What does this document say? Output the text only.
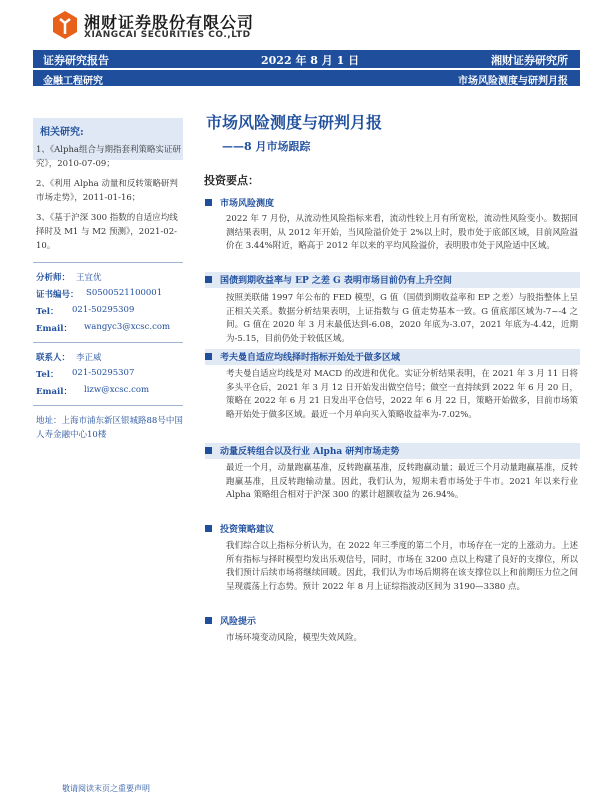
湘财证券股份有限公司
XIANGCAI SECURITIES CO.,LTD
证券研究报告	2022 年 8 月 1 日	湘财证券研究所
金融工程研究	市场风险测度与研判月报
相关研究:
1、《Alpha组合与期指套利策略实证研究》，2010-07-09；
2、《利用 Alpha 动量和反转策略研判市场走势》，2011-01-16；
3、《基于沪深 300 指数的自适应均线择时及 M1 与 M2 预测》，2021-02-10。
分析师： 王宜优
证书编号： S0500521100001
Tel： 021-50295309
Email： wangyc3@xcsc.com
联系人： 李正威
Tel： 021-50295307
Email： lizw@xcsc.com
地址：上海市浦东新区银城路88号中国人寿金融中心10楼
市场风险测度与研判月报
——8 月市场跟踪
投资要点：
市场风险测度
2022 年 7 月份，从流动性风险指标来看，流动性较上月有所宽松，流动性风险变小。数据回测结果表明，从 2012 年开始，当风险溢价处于 2%以上时，股市处于底部区域，目前风险溢价在 3.44%附近，略高于 2012 年以来的平均风险溢价，表明股市处于风险适中区域。
国债到期收益率与 EP 之差 G 表明市场目前仍有上升空间
按照美联储 1997 年公布的 FED 模型，G 值（国债到期收益率和 EP 之差）与股指整体上呈正相关关系。数据分析结果表明，上证指数与 G 值走势基本一致。G 值底部区域为-7~-4 之间。G 值在 2020 年 3 月末最低达到-6.08，2020 年底为-3.07，2021 年底为-4.42，近期为-5.15，目前仍处于较低区域。
考夫曼自适应均线择时指标开始处于做多区域
考夫曼自适应均线是对 MACD 的改进和优化。实证分析结果表明，在 2021 年 3 月 11 日将多头平仓后，2021 年 3 月 12 日开始发出做空信号；做空一直持续到 2022 年 6 月 20 日，策略在 2022 年 6 月 21 日发出平仓信号，2022 年 6 月 22 日，策略开始做多，目前市场策略开始处于做多区域。最近一个月单向买入策略收益率为-7.02%。
动量反转组合以及行业 Alpha 研判市场走势
最近一个月，动量跑赢基准，反转跑赢基准，反转跑赢动量；最近三个月动量跑赢基准，反转跑赢基准，且反转跑输动量。因此，我们认为，短期未看市场处于牛市。2021 年以来行业 Alpha 策略组合相对于沪深 300 的累计超额收益为 26.94%。
投资策略建议
我们综合以上指标分析认为，在 2022 年三季度的第二个月，市场存在一定的上涨动力。上述所有指标与择时模型均发出乐观信号，同时，市场在 3200 点以上构建了良好的支撑位，所以我们预计后续市场将继续回暖。因此，我们认为市场后期将在该支撑位以上和前期压力位之间呈现震荡上行态势。预计 2022 年 8 月上证综指波动区间为 3190—3380 点。
风险提示
市场环境变动风险，模型失效风险。
敬请阅读末页之重要声明
